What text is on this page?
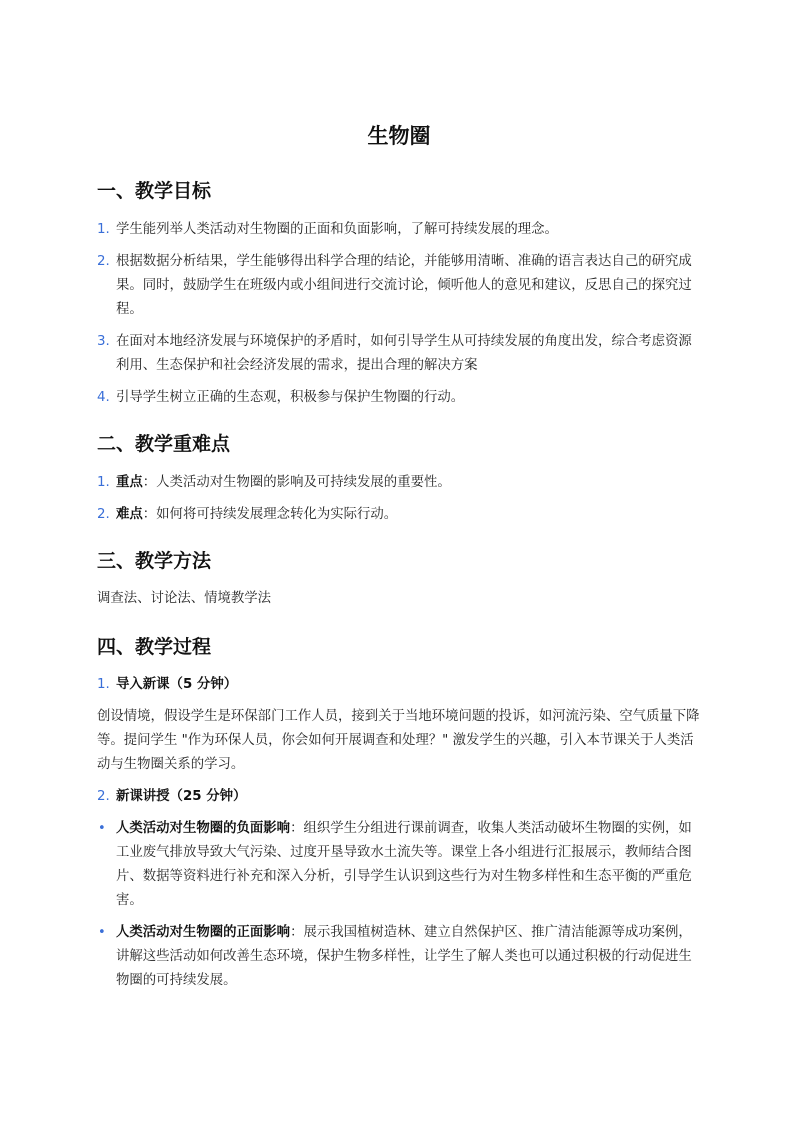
生物圈
一、教学目标
1. 学生能列举人类活动对生物圈的正面和负面影响，了解可持续发展的理念。
2. 根据数据分析结果，学生能够得出科学合理的结论，并能够用清晰、准确的语言表达自己的研究成果。同时，鼓励学生在班级内或小组间进行交流讨论，倾听他人的意见和建议，反思自己的探究过程。
3. 在面对本地经济发展与环境保护的矛盾时，如何引导学生从可持续发展的角度出发，综合考虑资源利用、生态保护和社会经济发展的需求，提出合理的解决方案
4. 引导学生树立正确的生态观，积极参与保护生物圈的行动。
二、教学重难点
1. 重点：人类活动对生物圈的影响及可持续发展的重要性。
2. 难点：如何将可持续发展理念转化为实际行动。
三、教学方法

调查法、讨论法、情境教学法

四、教学过程
1. 导入新课（5 分钟）

创设情境，假设学生是环保部门工作人员，接到关于当地环境问题的投诉，如河流污染、空气质量下降等。提问学生 "作为环保人员，你会如何开展调查和处理？" 激发学生的兴趣，引入本节课关于人类活动与生物圈关系的学习。

2. 新课讲授（25 分钟）
• 人类活动对生物圈的负面影响：组织学生分组进行课前调查，收集人类活动破坏生物圈的实例，如工业废气排放导致大气污染、过度开垦导致水土流失等。课堂上各小组进行汇报展示，教师结合图片、数据等资料进行补充和深入分析，引导学生认识到这些行为对生物多样性和生态平衡的严重危害。
• 人类活动对生物圈的正面影响：展示我国植树造林、建立自然保护区、推广清洁能源等成功案例，讲解这些活动如何改善生态环境，保护生物多样性，让学生了解人类也可以通过积极的行动促进生物圈的可持续发展。
